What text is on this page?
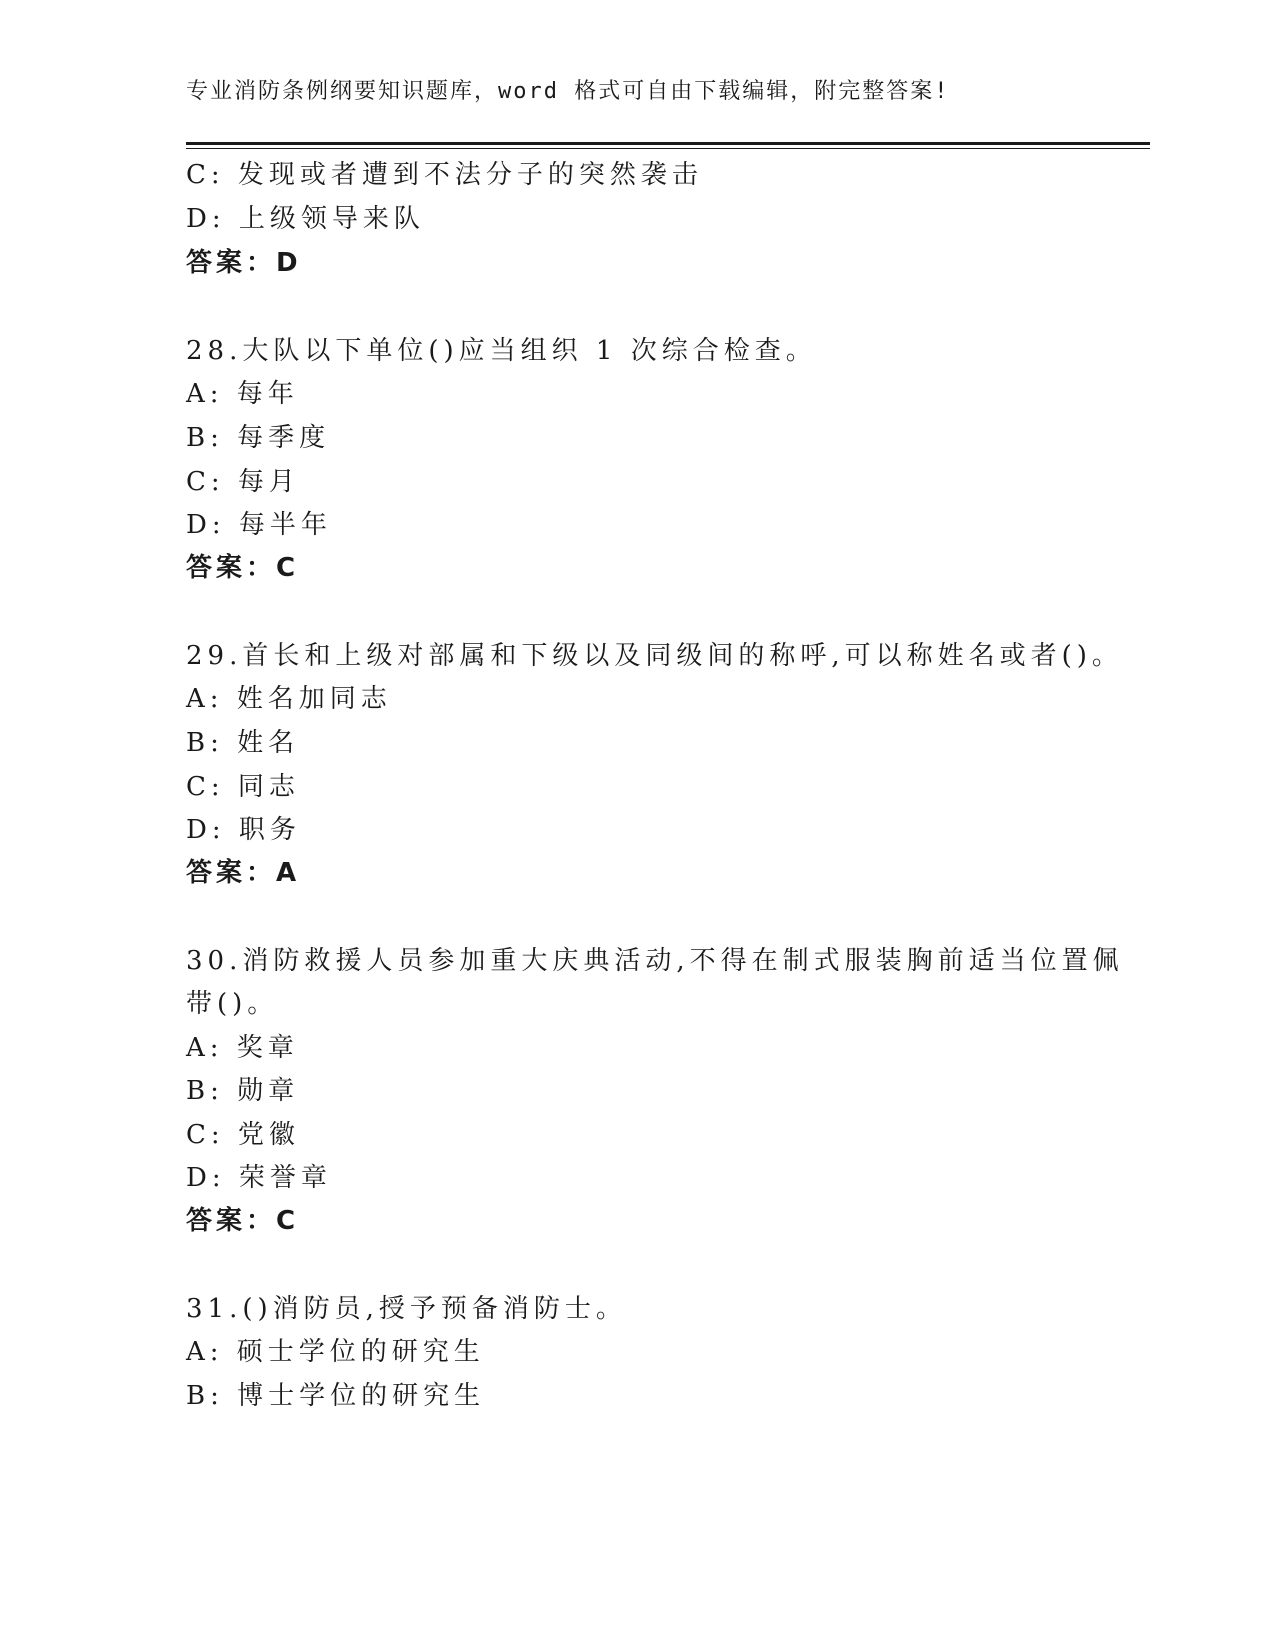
专业消防条例纲要知识题库，word 格式可自由下载编辑，附完整答案!
C: 发现或者遭到不法分子的突然袭击
D: 上级领导来队
答案：D
28.大队以下单位()应当组织 1 次综合检查。
A: 每年
B: 每季度
C: 每月
D: 每半年
答案：C
29.首长和上级对部属和下级以及同级间的称呼,可以称姓名或者()。
A: 姓名加同志
B: 姓名
C: 同志
D: 职务
答案：A
30.消防救援人员参加重大庆典活动,不得在制式服装胸前适当位置佩
带()。
A: 奖章
B: 勋章
C: 党徽
D: 荣誉章
答案：C
31.()消防员,授予预备消防士。
A: 硕士学位的研究生
B: 博士学位的研究生
